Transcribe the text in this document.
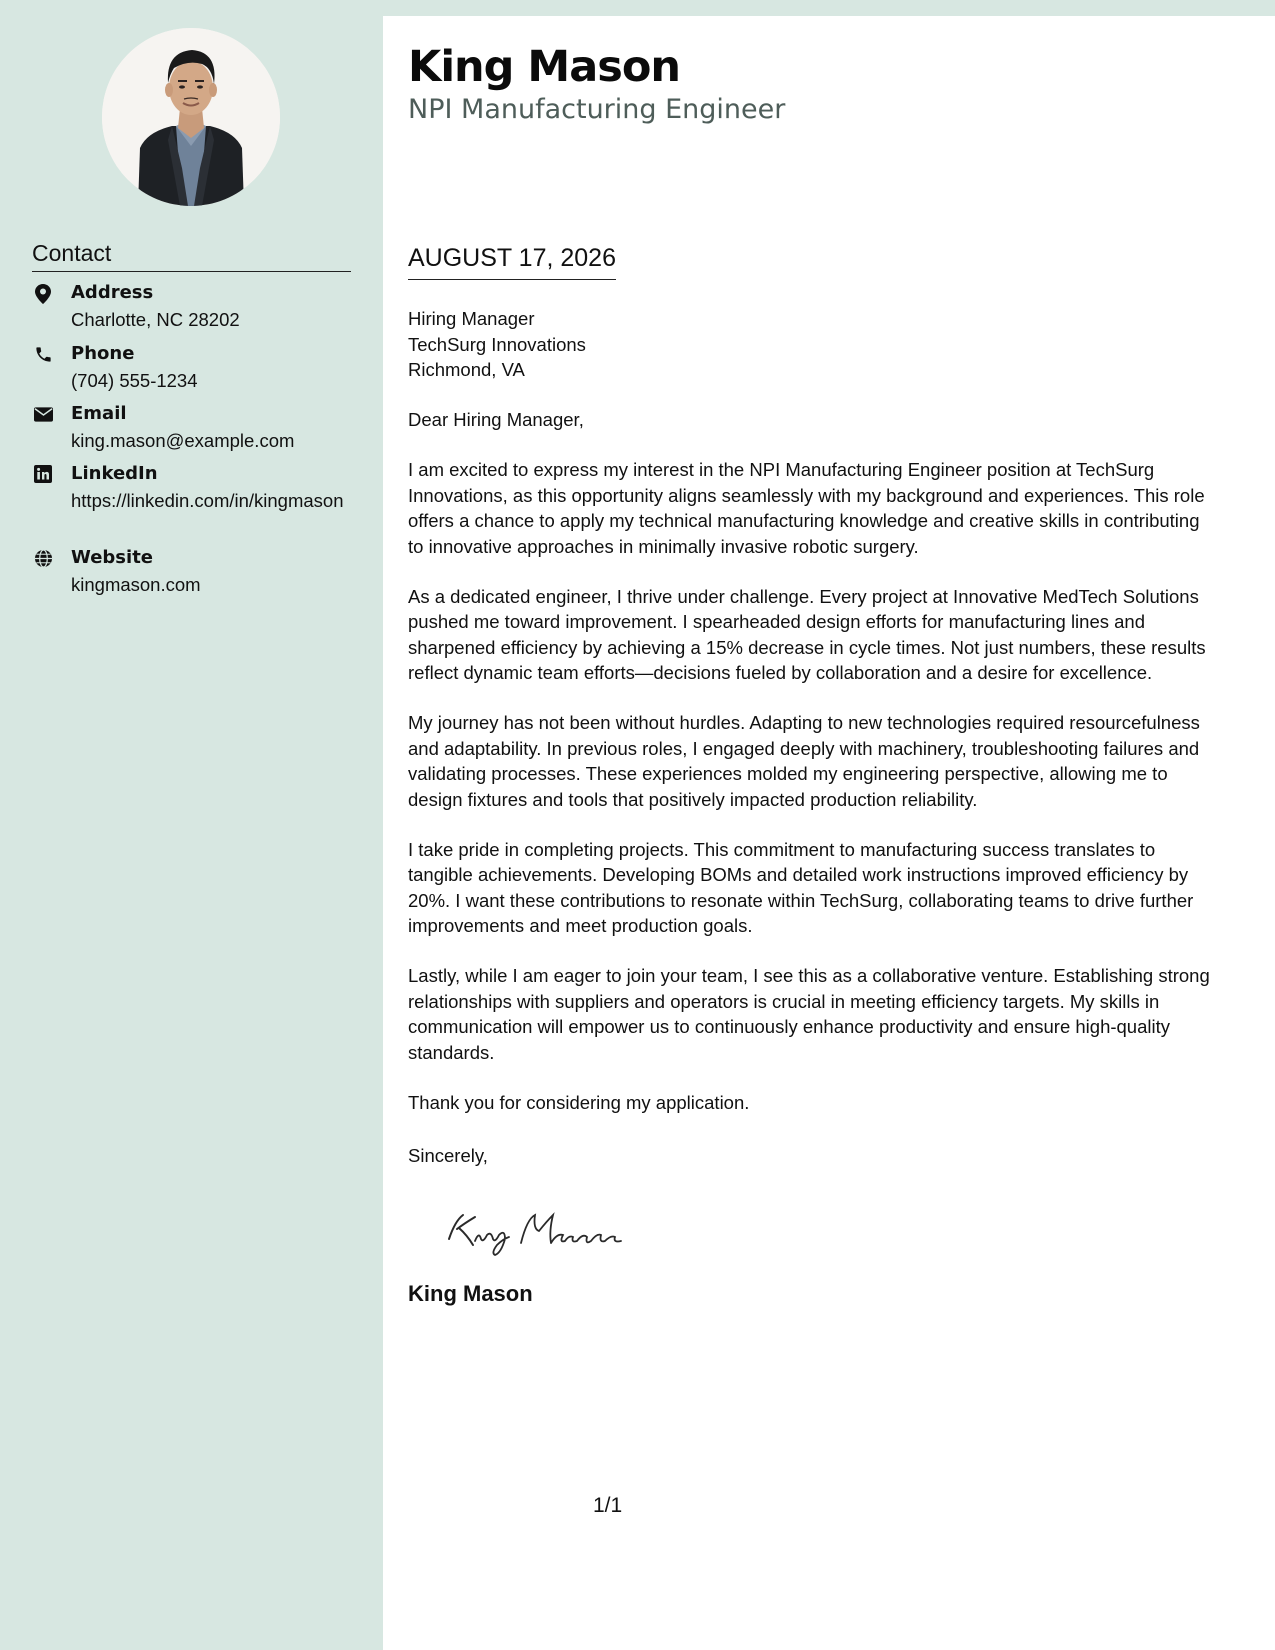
Contact
Address
Charlotte, NC 28202
Phone
(704) 555-1234
Email
king.mason@example.com
LinkedIn
https://linkedin.com/in/kingmason
Website
kingmason.com
King Mason
NPI Manufacturing Engineer
AUGUST 17, 2026
Hiring Manager
TechSurg Innovations
Richmond, VA

Dear Hiring Manager,

I am excited to express my interest in the NPI Manufacturing Engineer position at TechSurg Innovations, as this opportunity aligns seamlessly with my background and experiences. This role offers a chance to apply my technical manufacturing knowledge and creative skills in contributing to innovative approaches in minimally invasive robotic surgery.

As a dedicated engineer, I thrive under challenge. Every project at Innovative MedTech Solutions pushed me toward improvement. I spearheaded design efforts for manufacturing lines and sharpened efficiency by achieving a 15% decrease in cycle times. Not just numbers, these results reflect dynamic team efforts—decisions fueled by collaboration and a desire for excellence.

My journey has not been without hurdles. Adapting to new technologies required resourcefulness and adaptability. In previous roles, I engaged deeply with machinery, troubleshooting failures and validating processes. These experiences molded my engineering perspective, allowing me to design fixtures and tools that positively impacted production reliability.

I take pride in completing projects. This commitment to manufacturing success translates to tangible achievements. Developing BOMs and detailed work instructions improved efficiency by 20%. I want these contributions to resonate within TechSurg, collaborating teams to drive further improvements and meet production goals.

Lastly, while I am eager to join your team, I see this as a collaborative venture. Establishing strong relationships with suppliers and operators is crucial in meeting efficiency targets. My skills in communication will empower us to continuously enhance productivity and ensure high-quality standards.

Thank you for considering my application.

Sincerely,
King Mason
1/1
